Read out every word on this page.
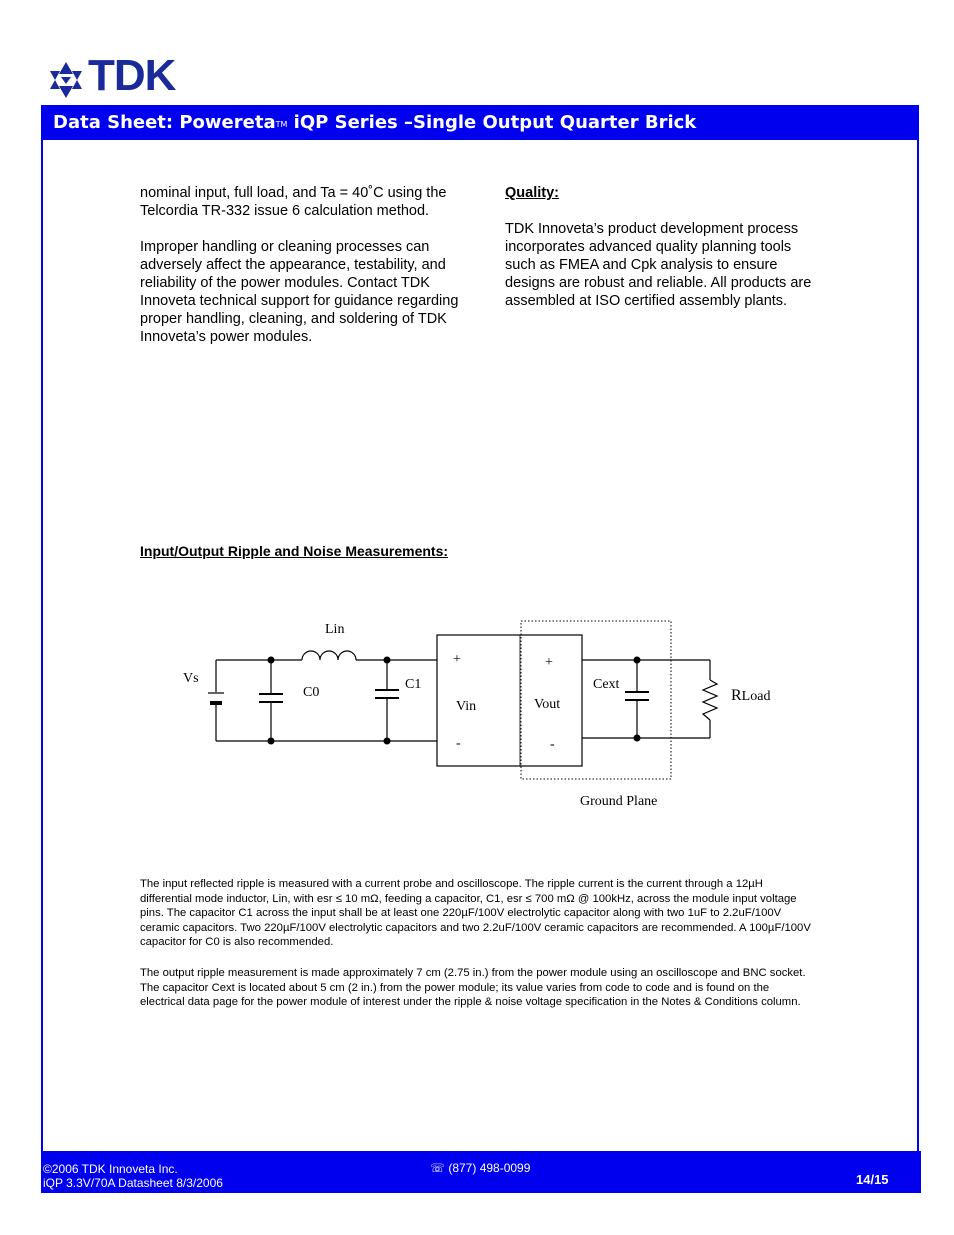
TDK
Data Sheet: PoweretaTM iQP Series –Single Output Quarter Brick

nominal input, full load, and Ta = 40˚C using the Telcordia TR-332 issue 6 calculation method.

Improper handling or cleaning processes can adversely affect the appearance, testability, and reliability of the power modules. Contact TDK Innoveta technical support for guidance regarding proper handling, cleaning, and soldering of TDK Innoveta’s power modules.

Quality:

TDK Innoveta’s product development process incorporates advanced quality planning tools such as FMEA and Cpk analysis to ensure designs are robust and reliable. All products are assembled at ISO certified assembly plants.

Input/Output Ripple and Noise Measurements:
Lin
Vs
C0
C1
+
Vin
-
+
Vout
-
Cext
RLoad
Ground Plane
The input reflected ripple is measured with a current probe and oscilloscope. The ripple current is the current through a 12µH differential mode inductor, Lin, with esr ≤ 10 mΩ, feeding a capacitor, C1, esr ≤ 700 mΩ @ 100kHz, across the module input voltage pins. The capacitor C1 across the input shall be at least one 220µF/100V electrolytic capacitor along with two 1uF to 2.2uF/100V ceramic capacitors. Two 220µF/100V electrolytic capacitors and two 2.2uF/100V ceramic capacitors are recommended. A 100µF/100V capacitor for C0 is also recommended.
The output ripple measurement is made approximately 7 cm (2.75 in.) from the power module using an oscilloscope and BNC socket. The capacitor Cext is located about 5 cm (2 in.) from the power module; its value varies from code to code and is found on the electrical data page for the power module of interest under the ripple & noise voltage specification in the Notes & Conditions column.
©2006 TDK Innoveta Inc.
iQP 3.3V/70A Datasheet 8/3/2006
☏ (877) 498-0099
14/15
